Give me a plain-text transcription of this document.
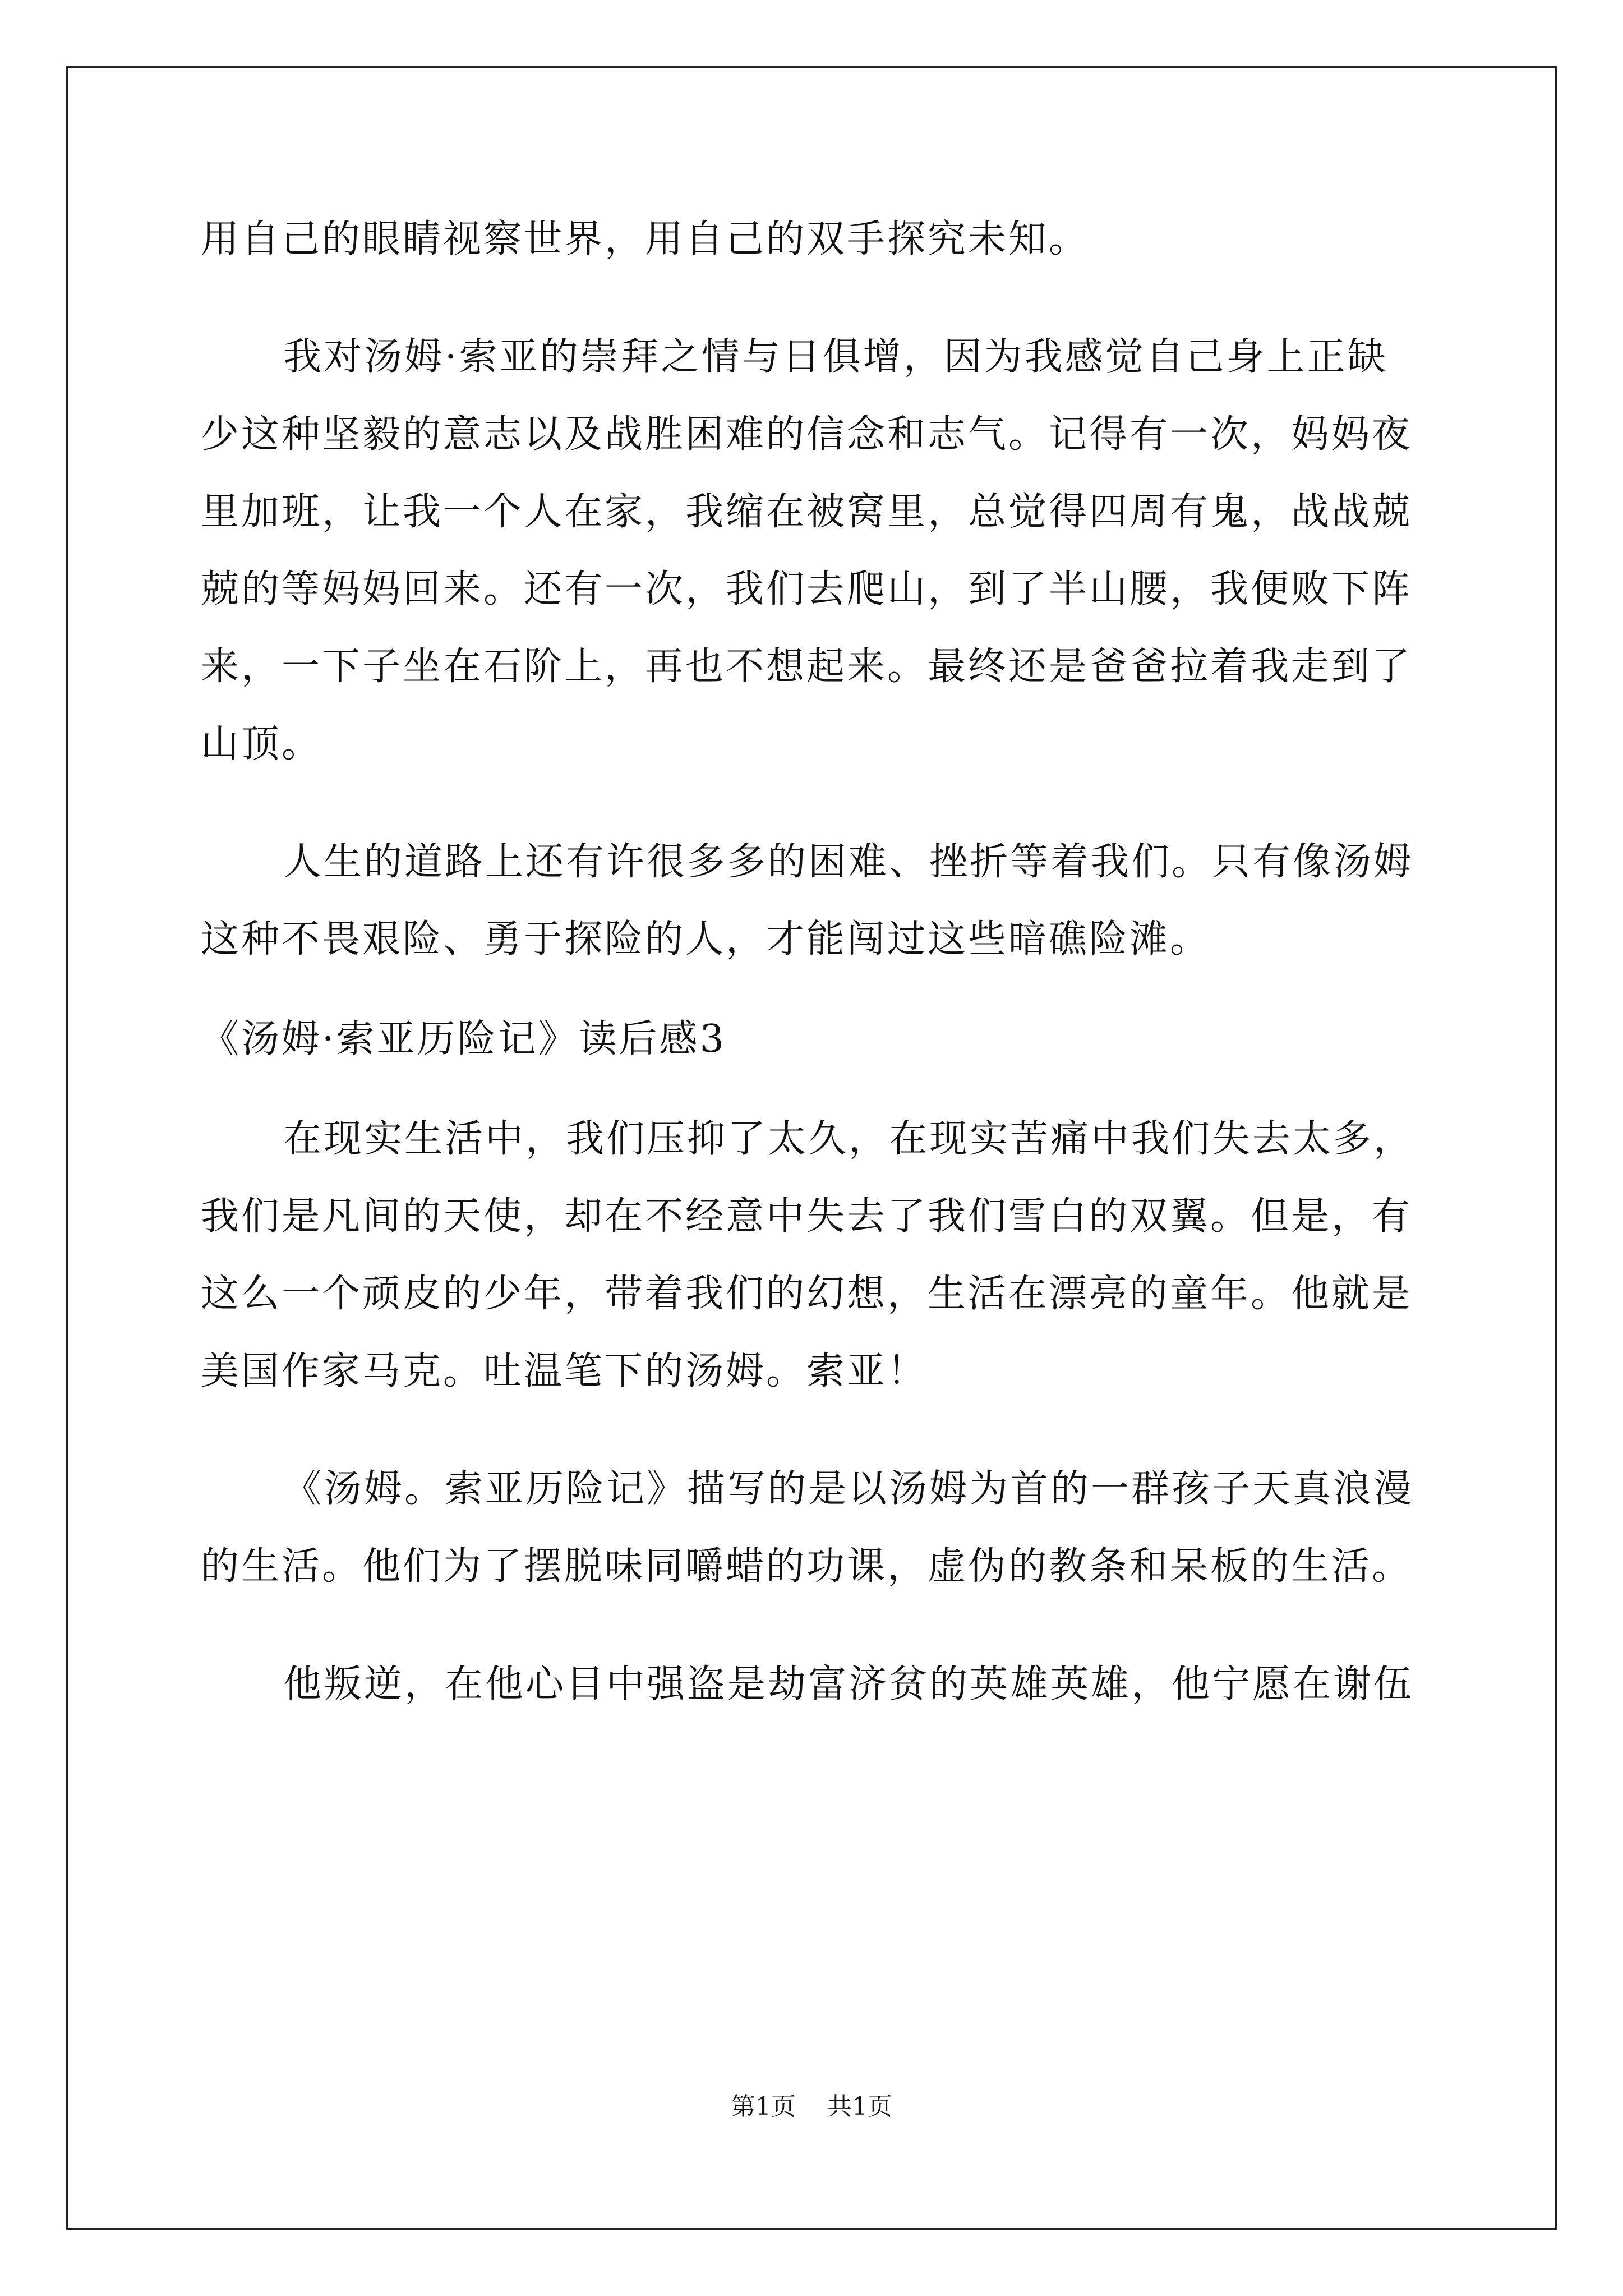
用自己的眼睛视察世界，用自己的双手探究未知。
我对汤姆·索亚的崇拜之情与日俱增，因为我感觉自己身上正缺
少这种坚毅的意志以及战胜困难的信念和志气。记得有一次，妈妈夜
里加班，让我一个人在家，我缩在被窝里，总觉得四周有鬼，战战兢
兢的等妈妈回来。还有一次，我们去爬山，到了半山腰，我便败下阵
来，一下子坐在石阶上，再也不想起来。最终还是爸爸拉着我走到了
山顶。
人生的道路上还有许很多多的困难、挫折等着我们。只有像汤姆
这种不畏艰险、勇于探险的人，才能闯过这些暗礁险滩。
《汤姆·索亚历险记》读后感3
在现实生活中，我们压抑了太久，在现实苦痛中我们失去太多，
我们是凡间的天使，却在不经意中失去了我们雪白的双翼。但是，有
这么一个顽皮的少年，带着我们的幻想，生活在漂亮的童年。他就是
美国作家马克。吐温笔下的汤姆。索亚！
《汤姆。索亚历险记》描写的是以汤姆为首的一群孩子天真浪漫
的生活。他们为了摆脱味同嚼蜡的功课，虚伪的教条和呆板的生活。
他叛逆，在他心目中强盗是劫富济贫的英雄英雄，他宁愿在谢伍
第1页 共1页
